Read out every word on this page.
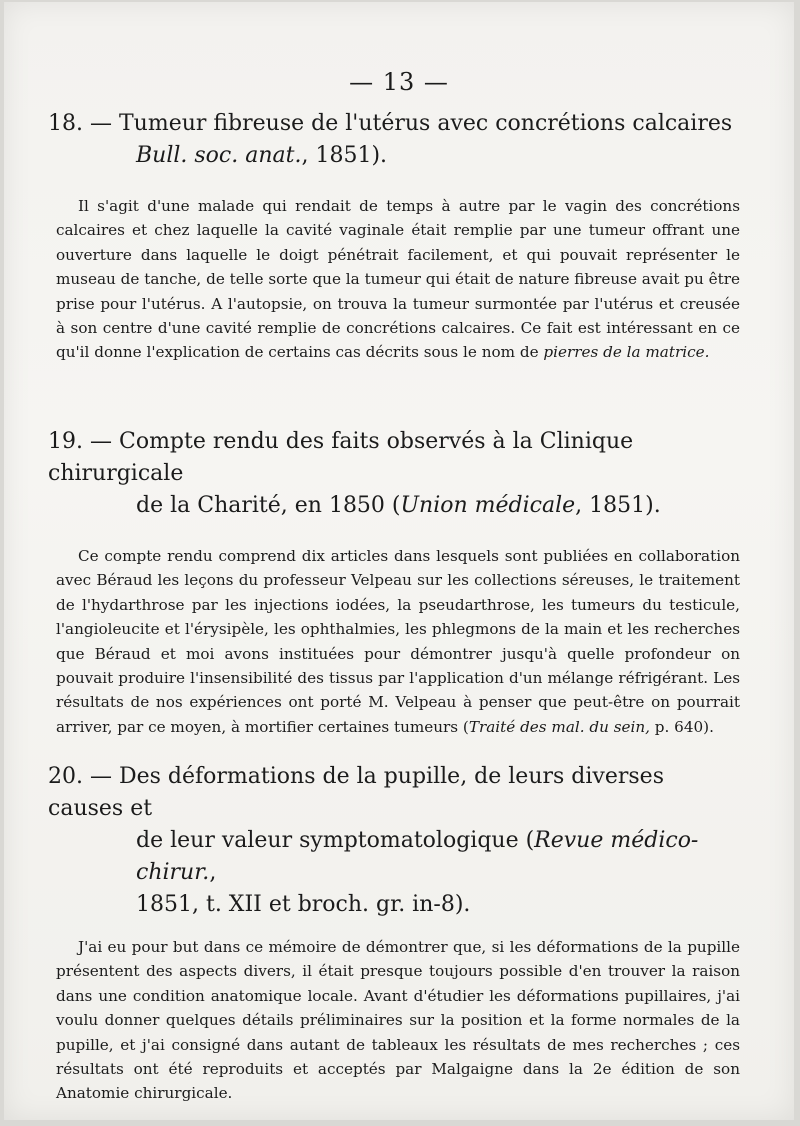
— 13 —
18. — Tumeur fibreuse de l'utérus avec concrétions calcaires
Bull. soc. anat., 1851).

Il s'agit d'une malade qui rendait de temps à autre par le vagin des concrétions calcaires et chez laquelle la cavité vaginale était remplie par une tumeur offrant une ouverture dans laquelle le doigt pénétrait facilement, et qui pouvait représenter le museau de tanche, de telle sorte que la tumeur qui était de nature fibreuse avait pu être prise pour l'utérus. A l'autopsie, on trouva la tumeur surmontée par l'utérus et creusée à son centre d'une cavité remplie de concrétions calcaires. Ce fait est intéressant en ce qu'il donne l'explication de certains cas décrits sous le nom de pierres de la matrice.

19. — Compte rendu des faits observés à la Clinique chirurgicale
de la Charité, en 1850 (Union médicale, 1851).

Ce compte rendu comprend dix articles dans lesquels sont publiées en collaboration avec Béraud les leçons du professeur Velpeau sur les collections séreuses, le traitement de l'hydarthrose par les injections iodées, la pseudarthrose, les tumeurs du testicule, l'angioleucite et l'érysipèle, les ophthalmies, les phlegmons de la main et les recherches que Béraud et moi avons instituées pour démontrer jusqu'à quelle profondeur on pouvait produire l'insensibilité des tissus par l'application d'un mélange réfrigérant. Les résultats de nos expériences ont porté M. Velpeau à penser que peut-être on pourrait arriver, par ce moyen, à mortifier certaines tumeurs (Traité des mal. du sein, p. 640).

20. — Des déformations de la pupille, de leurs diverses causes et
de leur valeur symptomatologique (Revue médico-chirur.,
1851, t. XII et broch. gr. in-8).

J'ai eu pour but dans ce mémoire de démontrer que, si les déformations de la pupille présentent des aspects divers, il était presque toujours possible d'en trouver la raison dans une condition anatomique locale. Avant d'étudier les déformations pupillaires, j'ai voulu donner quelques détails préliminaires sur la position et la forme normales de la pupille, et j'ai consigné dans autant de tableaux les résultats de mes recherches ; ces résultats ont été reproduits et acceptés par Malgaigne dans la 2e édition de son Anatomie chirurgicale.
